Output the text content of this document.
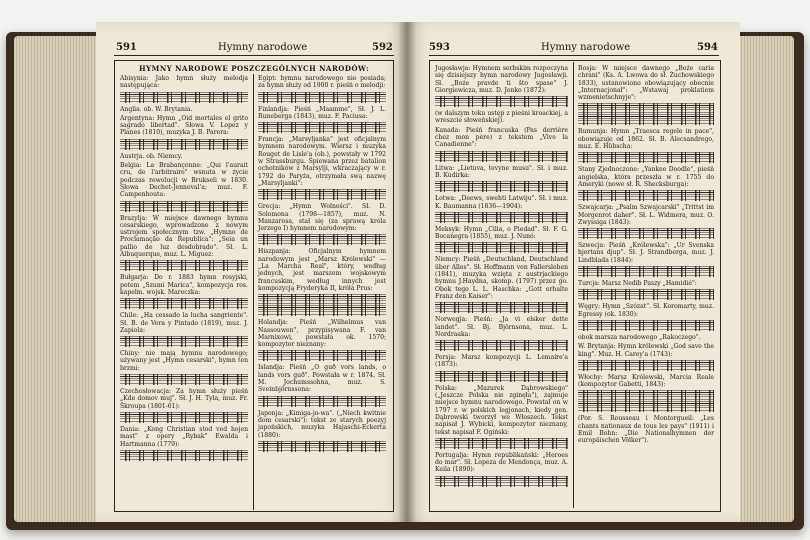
591	Hymny narodowe	592
HYMNY NARODOWE POSZCZEGÓLNYCH NARODÓW:

Abisynia: Jako hymn służy melodja następująca:

Anglia. ob. W. Brytania.

Argentyna: Hymn „Oid mortales el grito sagrado libertad". Słowa V. Lopez y Planes (1810), muzyka J. B. Parera:

Austrja. ob. Niemcy.

Belgia: La Brabançonne: „Qui l'aurait cru, de l'arbitraire" wsnuta w życie podczas rewolucji w Brukseli w 1830. Słowa Dechet-Jenneval'a; muz. F. Campenhouta:

Brazylja: W miejsce dawnego hymnu cesarskiego, wprowadzone z nowym ustrojem społecznym tzw. „Hymno de Proclamação da Republica": „Seia un pallio de luz desdobrado". Sł. L. Albuquerque, muz. L. Miguez:

Bułgarja: Do r. 1883 hymn rosyjski, potem „Szumi Marica", kompozycja ros. kapelm. wojsk. Mareczka:

Chile: „Ha cessado la lucha sangriente". Sł. B. de Vera y Pintado (1819), muz. J. Zapiola:

Chiny: nie mają hymnu narodowego; używany jest „Hymn cesarski", hymn ten brzmi:

Czechosłowacja: Za hymn służy pieśń „Kde domov muj". Sł. J. H. Tyla, muz. Fr. Škroupa (1801-61):

Dania: „Kong Christian stod ved hojen mast" z opery „Rybak" Ewalda i Hartmanna (1779):

Egipt: hymnu narodowego nie posiada; za hymn służy od 1900 r. pieśń o melodji:

Finlandja: Pieśń „Maamme", Sł. J. L. Runeberga (1843), muz. F. Paciusa:

Francja: „Marsyljanka" jest oficjalnym hymnem narodowym. Wiersz i muzyka Rouget de Lisle'a (ob.), powstały w 1792 w Strassburgu. Śpiewana przez batalion ochotników z Marsylji, wkraczający w r. 1792 do Paryża, otrzymała swą nazwę „Marsyljanki":

Grecja: „Hymn Wolności". Sł. D. Solomona (1798—1857), muz. N. Manzarosa, stał się (za sprawą króla Jerzego I) hymnem narodowym:

Hiszpanja: Oficjalnym hymnem narodowym jest „Marsz Królewski" — „La Marcha Real", który, według jednych, jest marszem wojskowym francuskim, według innych jest kompozycją Fryderyka II, króla Prus:

Holandja: Pieśń „Wilhelmus van Nassouwen", przypisywana F. van Marnixowi, powstała ok. 1570; kompozytor nieznany:

Islandja: Pieśń „O guð vors lands, o lands vors guð". Powstała w r. 1874. Sł. M. Jochumssohna, muz. S. Sveinbjörnssona:

Japonja: „Kimiga-jo-wa". („Niech kwitnie dom cesarski"): tekst ze starych poezyj japońskich, muzyka Hajaschi-Eckerta (1880):

593	Hymny narodowe	594

Jugosławja: Hymnem serbskim rozpoczyna się dzisiejszy hymn narodowy Jugosławji. Sł. „Boże pravde ti što spase" J. Giorgiewicza, muz. D. Jenko (1872):

(w dalszym toku ustęp z pieśni kroackiej, a wreszcie słoweńskiej).

Kanada: Pieśń francuska (Pas derrière chez mon père) z tekstem „Vive la Canadienne":

Litwa: „Lietuva, tevyne musu". Sł. i muz. B. Kudirka:

Łotwa: „Deews, swehti Latwiju". Sł. i muz. K. Baumanna (1836—1904):

Meksyk: Hymn „Cilia, o Piedad". Sł. F. G. Bocanegra (1855), muz. J. Nunó:

Niemcy: Pieśń „Deutschland, Deutschland über Alles". Sł. Hoffmann von Fallersleben (1841), muzyka wzięta z austrjackiego hymnu J.Haydna, skomp. (1797) przez go. Obok tego L. L. Haschka: „Gott erhalte Franz den Kaiser":

Norwegja: Pieśń: „Ja vi elsker dette landet". Sł. Bj. Björnsona, muz. L. Nordraaka:

Persja: Marsz kompozycji L. Lemaire'a (1873):

Polska: „Mazurek Dąbrowskiego" („Jeszcze Polska nie zginęła"), zajmuje miejsce hymnu narodowego. Powstał on w 1797 r. w polskich legjonach, kiedy gen. Dąbrowski tworzył we Włoszech. Tekst napisał J. Wybicki, kompozytor nieznany, tekst napisał F. Ogiński:

Portugalja: Hymn republikański: „Heroes do mar". Sł. Lopeza de Mendonça, muz. A. Keila (1890):

Rosja: W miejsce dawnego „Boże caria chrani" (Ks. A. Lwowa do sł. Żuchowskiego 1833), ustanowiono obowiązujący obecnie „Internacjonał": „Wstawaj proklatiem wzmenietschnyje":

Rumunja: Hymn „Traesca regele in pace", obowiązuje od 1862. Sł. B. Alecsandrego, muz. E. Hübscha:

Stany Zjednoczone: „Yankee Doodle", pieśń angielska, która przeszła w r. 1755 do Ameryki (nowe sł. R. Shecksburga):

Szwajcarja: „Psalm Szwajcarski" „Trittst im Morgenrot daher". Sł. L. Widmera, muz. O. Zwyssiga (1843):

Szwecja: Pieśń „Królewska": „Ur Svenska hjertans djup". Sł. J. Strandberga, muz. J. Lindblada (1844):

Turcja: Marsz Nedib Paszy „Hamidié":

Węgry: Hymn „Szózat". Sł. Koromarty, muz. Egressy (ok. 1830):

obok marsza narodowego „Rakoczego".

W. Brytanja: Hymn królewski „God save the king". Muz. H. Carey'a (1743):

Włochy: Marsz Królewski, Marcia Reale (kompozytor Gabetti, 1843):

(Por. S. Rousseau i Montorgueil: „Les chants nationaux de tous les pays" (1911) i Emil Bohn: „Die Nationalhymnen der europäischen Völker").
